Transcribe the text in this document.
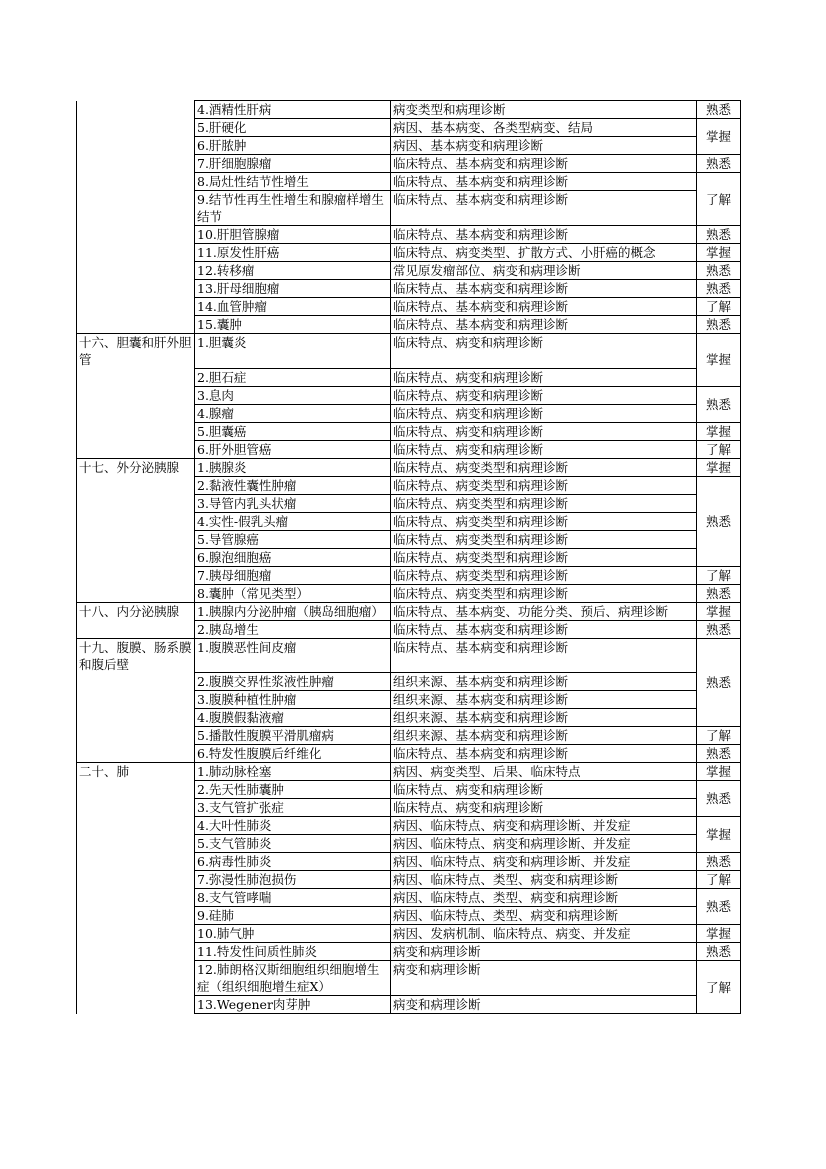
	4.酒精性肝病	病变类型和病理诊断	熟悉
	5.肝硬化	病因、基本病变、各类型病变、结局	掌握
	6.肝脓肿	病因、基本病变和病理诊断	
	7.肝细胞腺瘤	临床特点、基本病变和病理诊断	熟悉
	8.局灶性结节性增生	临床特点、基本病变和病理诊断	了解
	9.结节性再生性增生和腺瘤样增生结节	临床特点、基本病变和病理诊断	
	10.肝胆管腺瘤	临床特点、基本病变和病理诊断	熟悉
	11.原发性肝癌	临床特点、病变类型、扩散方式、小肝癌的概念	掌握
	12.转移瘤	常见原发瘤部位、病变和病理诊断	熟悉
	13.肝母细胞瘤	临床特点、基本病变和病理诊断	熟悉
	14.血管肿瘤	临床特点、基本病变和病理诊断	了解
	15.囊肿	临床特点、基本病变和病理诊断	熟悉
十六、胆囊和肝外胆管	1.胆囊炎	临床特点、病变和病理诊断	掌握
	2.胆石症	临床特点、病变和病理诊断	
	3.息肉	临床特点、病变和病理诊断	熟悉
	4.腺瘤	临床特点、病变和病理诊断	
	5.胆囊癌	临床特点、病变和病理诊断	掌握
	6.肝外胆管癌	临床特点、病变和病理诊断	了解
十七、外分泌胰腺	1.胰腺炎	临床特点、病变类型和病理诊断	掌握
	2.黏液性囊性肿瘤	临床特点、病变类型和病理诊断	熟悉
	3.导管内乳头状瘤	临床特点、病变类型和病理诊断	
	4.实性-假乳头瘤	临床特点、病变类型和病理诊断	
	5.导管腺癌	临床特点、病变类型和病理诊断	
	6.腺泡细胞癌	临床特点、病变类型和病理诊断	
	7.胰母细胞瘤	临床特点、病变类型和病理诊断	了解
	8.囊肿（常见类型）	临床特点、病变类型和病理诊断	熟悉
十八、内分泌胰腺	1.胰腺内分泌肿瘤（胰岛细胞瘤）	临床特点、基本病变、功能分类、预后、病理诊断	掌握
	2.胰岛增生	临床特点、基本病变和病理诊断	熟悉
十九、腹膜、肠系膜和腹后壁	1.腹膜恶性间皮瘤	临床特点、基本病变和病理诊断	熟悉
	2.腹膜交界性浆液性肿瘤	组织来源、基本病变和病理诊断	
	3.腹膜种植性肿瘤	组织来源、基本病变和病理诊断	
	4.腹膜假黏液瘤	组织来源、基本病变和病理诊断	
	5.播散性腹膜平滑肌瘤病	组织来源、基本病变和病理诊断	了解
	6.特发性腹膜后纤维化	临床特点、基本病变和病理诊断	熟悉
二十、肺	1.肺动脉栓塞	病因、病变类型、后果、临床特点	掌握
	2.先天性肺囊肿	临床特点、病变和病理诊断	熟悉
	3.支气管扩张症	临床特点、病变和病理诊断	
	4.大叶性肺炎	病因、临床特点、病变和病理诊断、并发症	掌握
	5.支气管肺炎	病因、临床特点、病变和病理诊断、并发症	
	6.病毒性肺炎	病因、临床特点、病变和病理诊断、并发症	熟悉
	7.弥漫性肺泡损伤	病因、临床特点、类型、病变和病理诊断	了解
	8.支气管哮喘	病因、临床特点、类型、病变和病理诊断	熟悉
	9.硅肺	病因、临床特点、类型、病变和病理诊断	
	10.肺气肿	病因、发病机制、临床特点、病变、并发症	掌握
	11.特发性间质性肺炎	病变和病理诊断	熟悉
	12.肺朗格汉斯细胞组织细胞增生症（组织细胞增生症X）	病变和病理诊断	了解
	13.Wegener肉芽肿	病变和病理诊断	
